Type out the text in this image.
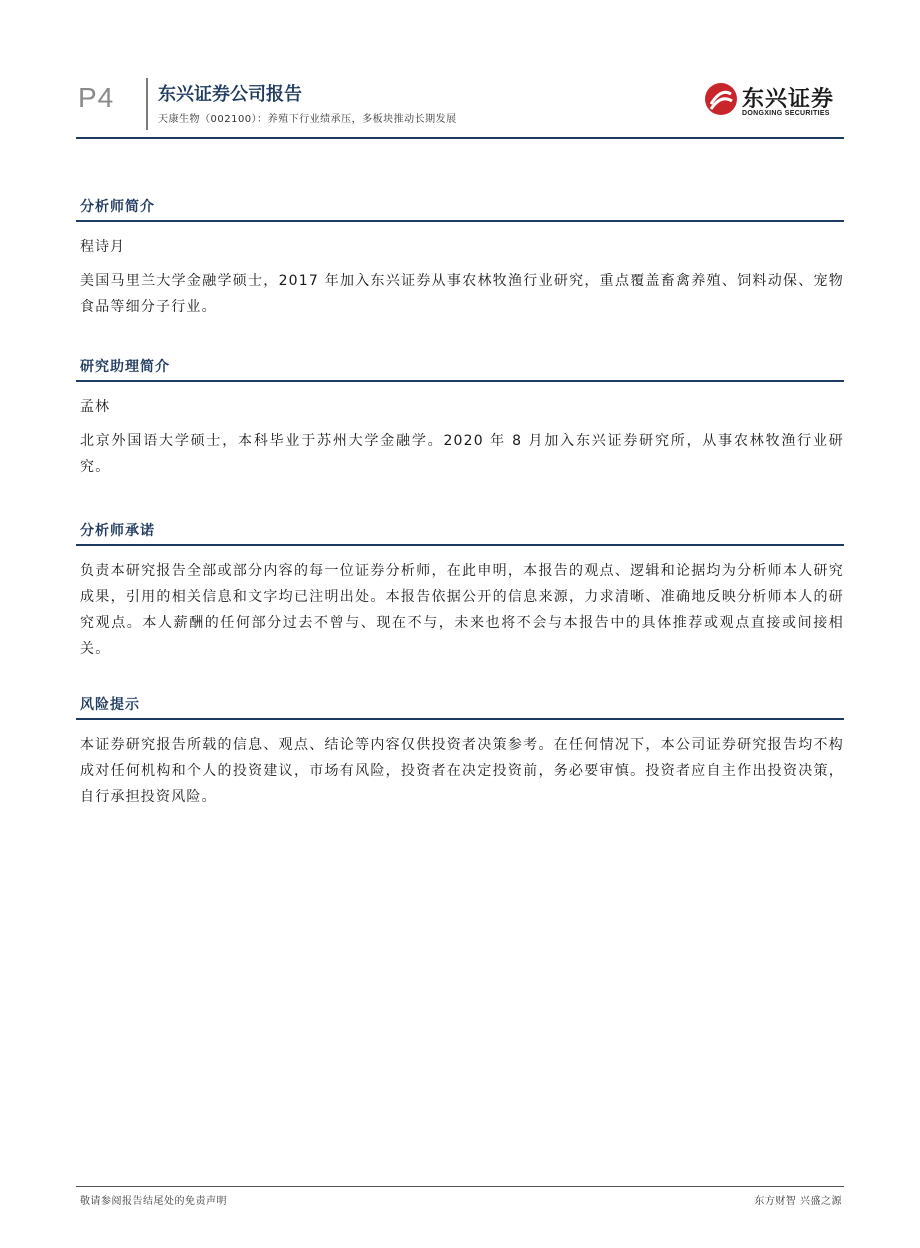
P4 东兴证券公司报告
天康生物（002100）：养殖下行业绩承压，多板块推动长期发展
东兴证券
DONGXING SECURITIES
分析师简介
程诗月
美国马里兰大学金融学硕士，2017 年加入东兴证券从事农林牧渔行业研究，重点覆盖畜禽养殖、饲料动保、宠物食品等细分子行业。
研究助理简介
孟林
北京外国语大学硕士，本科毕业于苏州大学金融学。2020 年 8 月加入东兴证券研究所，从事农林牧渔行业研究。
分析师承诺
负责本研究报告全部或部分内容的每一位证券分析师，在此申明，本报告的观点、逻辑和论据均为分析师本人研究成果，引用的相关信息和文字均已注明出处。本报告依据公开的信息来源，力求清晰、准确地反映分析师本人的研究观点。本人薪酬的任何部分过去不曾与、现在不与，未来也将不会与本报告中的具体推荐或观点直接或间接相关。
风险提示
本证券研究报告所载的信息、观点、结论等内容仅供投资者决策参考。在任何情况下，本公司证券研究报告均不构成对任何机构和个人的投资建议，市场有风险，投资者在决定投资前，务必要审慎。投资者应自主作出投资决策，自行承担投资风险。
敬请参阅报告结尾处的免责声明	东方财智 兴盛之源
